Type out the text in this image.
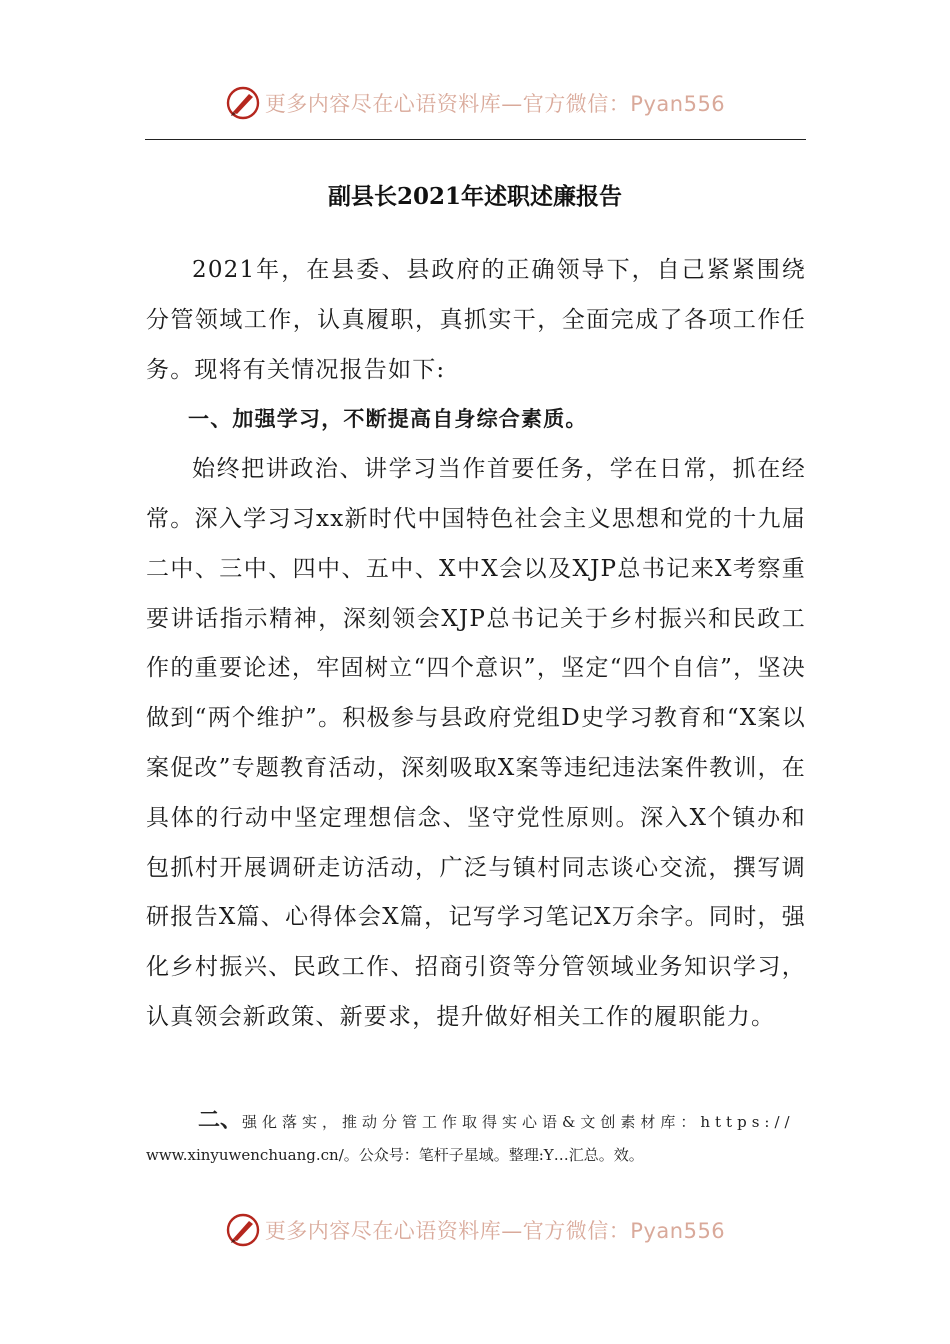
更多内容尽在心语资料库—官方微信：Pyan556
副县长2021年述职述廉报告

2021年，在县委、县政府的正确领导下，自己紧紧围绕分管领域工作，认真履职，真抓实干，全面完成了各项工作任务。现将有关情况报告如下:

一、加强学习，不断提高自身综合素质。

始终把讲政治、讲学习当作首要任务，学在日常，抓在经常。深入学习习xx新时代中国特色社会主义思想和党的十九届二中、三中、四中、五中、X中X会以及XJP总书记来X考察重要讲话指示精神，深刻领会XJP总书记关于乡村振兴和民政工作的重要论述，牢固树立“四个意识”，坚定“四个自信”，坚决做到“两个维护”。积极参与县政府党组D史学习教育和“X案以案促改”专题教育活动，深刻吸取X案等违纪违法案件教训，在具体的行动中坚定理想信念、坚守党性原则。深入X个镇办和包抓村开展调研走访活动，广泛与镇村同志谈心交流，撰写调研报告X篇、心得体会X篇，记写学习笔记X万余字。同时，强化乡村振兴、民政工作、招商引资等分管领域业务知识学习，认真领会新政策、新要求，提升做好相关工作的履职能力。

二、强化落实，推动分管工作取得实心语&文创素材库：https://
www.xinyuwenchuang.cn/。公众号：笔杆子星域。整理:Y…汇总。效。
更多内容尽在心语资料库—官方微信：Pyan556
